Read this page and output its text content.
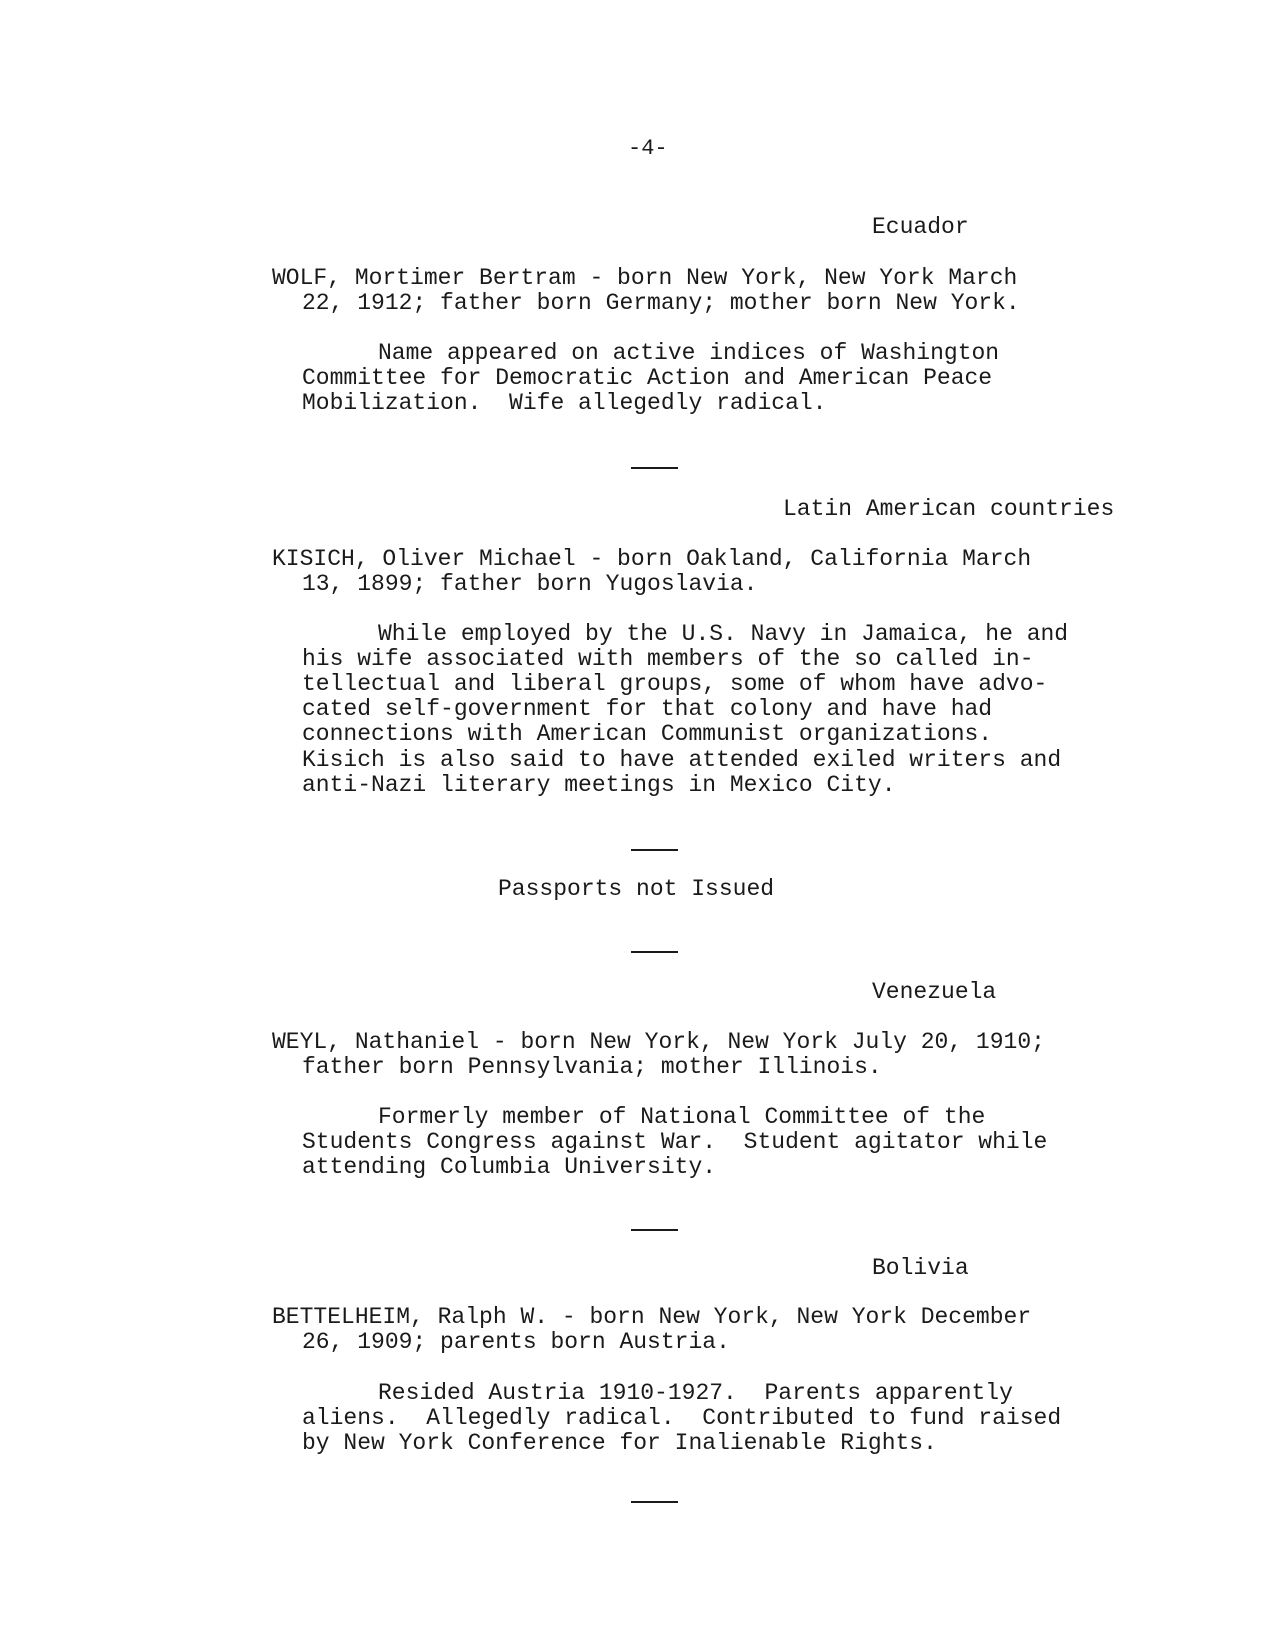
-4-
Ecuador
WOLF, Mortimer Bertram - born New York, New York March
22, 1912; father born Germany; mother born New York.
Name appeared on active indices of Washington
Committee for Democratic Action and American Peace
Mobilization.  Wife allegedly radical.
Latin American countries
KISICH, Oliver Michael - born Oakland, California March
13, 1899; father born Yugoslavia.
While employed by the U.S. Navy in Jamaica, he and
his wife associated with members of the so called in-
tellectual and liberal groups, some of whom have advo-
cated self-government for that colony and have had
connections with American Communist organizations.
Kisich is also said to have attended exiled writers and
anti-Nazi literary meetings in Mexico City.
Passports not Issued
Venezuela
WEYL, Nathaniel - born New York, New York July 20, 1910;
father born Pennsylvania; mother Illinois.
Formerly member of National Committee of the
Students Congress against War.  Student agitator while
attending Columbia University.
Bolivia
BETTELHEIM, Ralph W. - born New York, New York December
26, 1909; parents born Austria.
Resided Austria 1910-1927.  Parents apparently
aliens.  Allegedly radical.  Contributed to fund raised
by New York Conference for Inalienable Rights.
